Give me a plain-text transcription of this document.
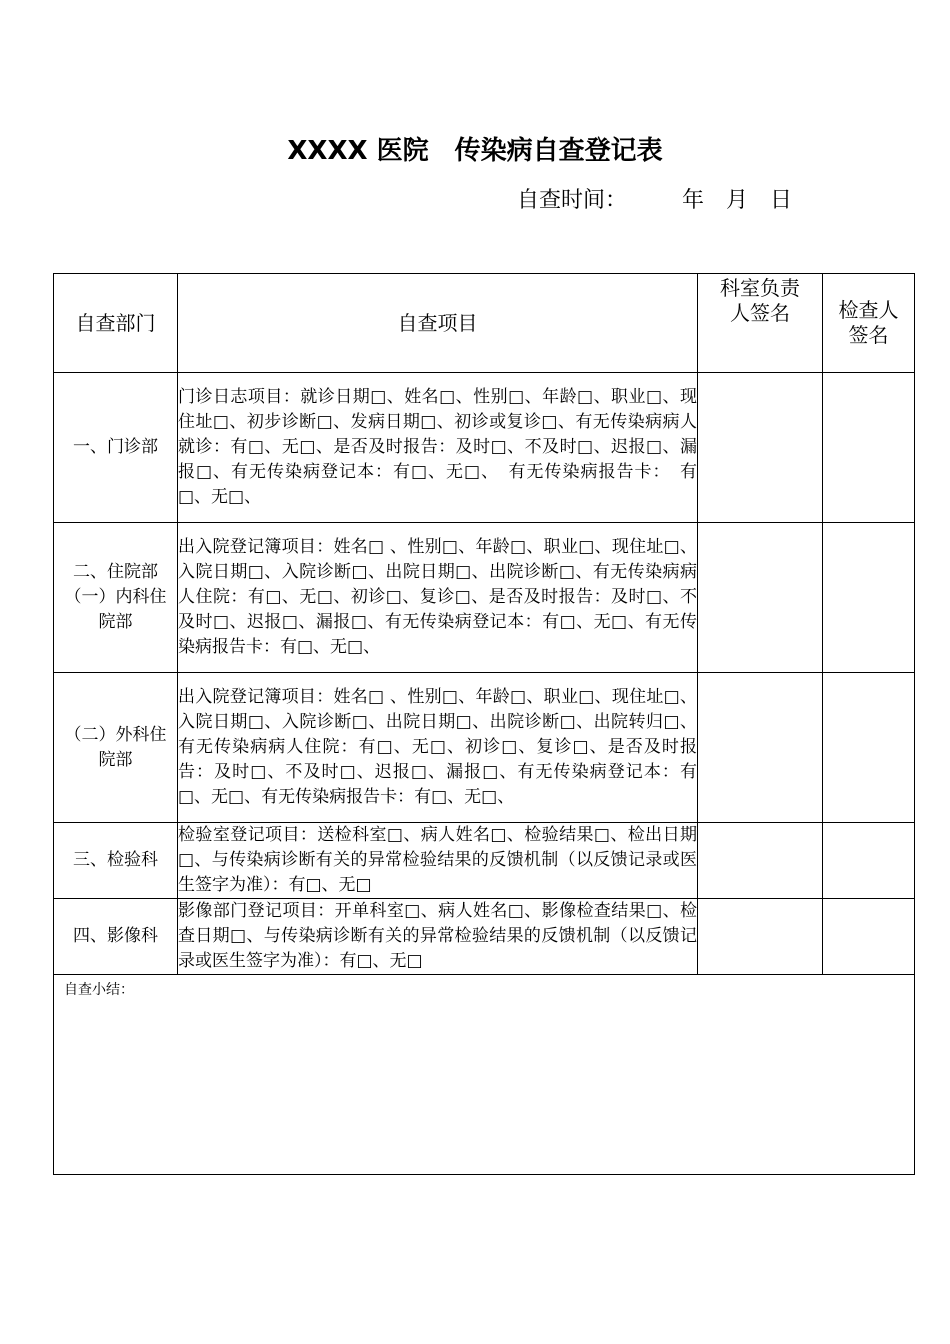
XXXX 医院　传染病自查登记表
自查时间：　　　年　月　日
自查部门	自查项目	科室负责人签名	检查人签名
一、门诊部	门诊日志项目：就诊日期□、姓名□、性别□、年龄□、职业□、现住址□、初步诊断□、发病日期□、初诊或复诊□、有无传染病病人就诊：有□、无□、是否及时报告：及时□、不及时□、迟报□、漏报□、有无传染病登记本：有□、无□、　有无传染病报告卡：　有□、无□、		
二、住院部（一）内科住院部	出入院登记簿项目：姓名□ 、性别□、年龄□、职业□、现住址□、入院日期□、入院诊断□、出院日期□、出院诊断□、有无传染病病人住院：有□、无□、初诊□、复诊□、是否及时报告：及时□、不及时□、迟报□、漏报□、有无传染病登记本：有□、无□、有无传染病报告卡：有□、无□、		
（二）外科住院部	出入院登记簿项目：姓名□ 、性别□、年龄□、职业□、现住址□、入院日期□、入院诊断□、出院日期□、出院诊断□、出院转归□、有无传染病病人住院：有□、无□、初诊□、复诊□、是否及时报告：及时□、不及时□、迟报□、漏报□、有无传染病登记本：有□、无□、有无传染病报告卡：有□、无□、		
三、检验科	检验室登记项目：送检科室□、病人姓名□、检验结果□、检出日期□、与传染病诊断有关的异常检验结果的反馈机制（以反馈记录或医生签字为准）：有□、无□		
四、影像科	影像部门登记项目：开单科室□、病人姓名□、影像检查结果□、检查日期□、与传染病诊断有关的异常检验结果的反馈机制（以反馈记录或医生签字为准）：有□、无□		
自查小结：			
